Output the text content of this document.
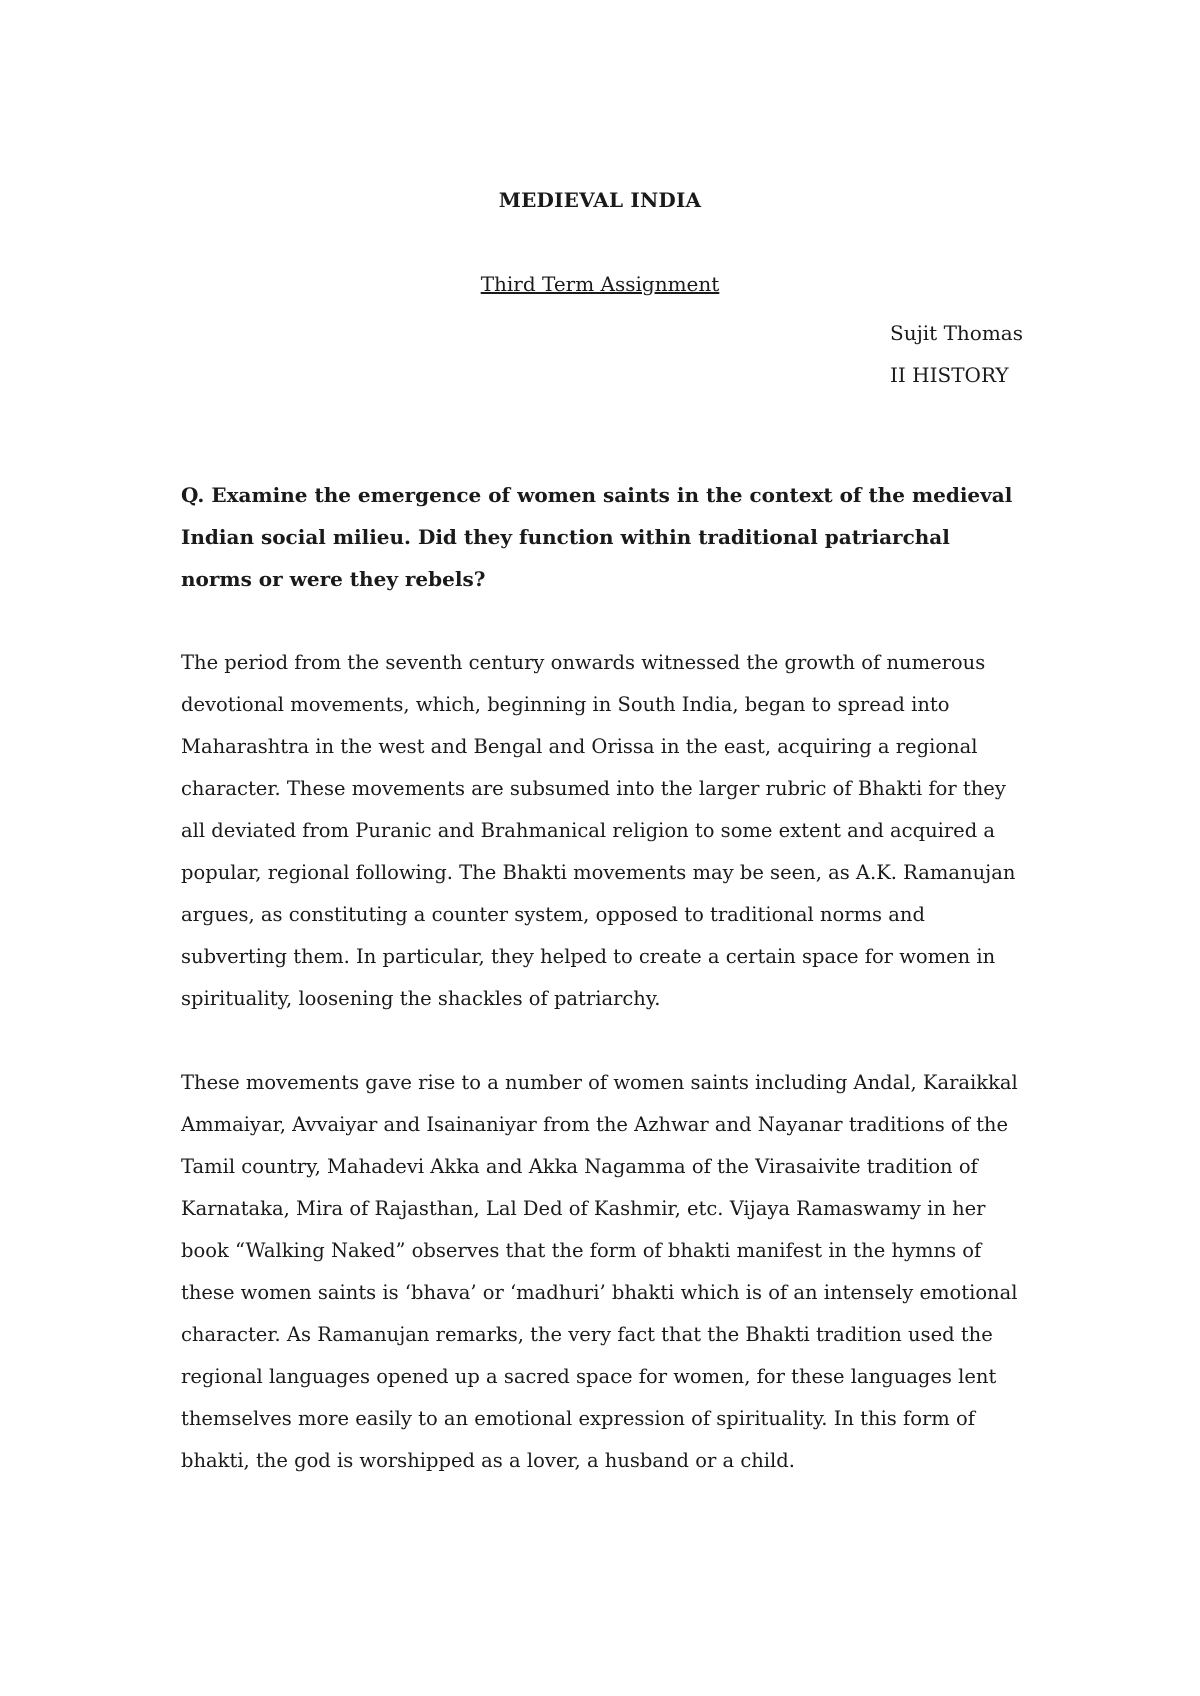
MEDIEVAL INDIA
Third Term Assignment
Sujit Thomas
II HISTORY

Q. Examine the emergence of women saints in the context of the medieval Indian social milieu. Did they function within traditional patriarchal norms or were they rebels?

The period from the seventh century onwards witnessed the growth of numerous devotional movements, which, beginning in South India, began to spread into Maharashtra in the west and Bengal and Orissa in the east, acquiring a regional character. These movements are subsumed into the larger rubric of Bhakti for they all deviated from Puranic and Brahmanical religion to some extent and acquired a popular, regional following. The Bhakti movements may be seen, as A.K. Ramanujan argues, as constituting a counter system, opposed to traditional norms and subverting them. In particular, they helped to create a certain space for women in spirituality, loosening the shackles of patriarchy.

These movements gave rise to a number of women saints including Andal, Karaikkal Ammaiyar, Avvaiyar and Isainaniyar from the Azhwar and Nayanar traditions of the Tamil country, Mahadevi Akka and Akka Nagamma of the Virasaivite tradition of Karnataka, Mira of Rajasthan, Lal Ded of Kashmir, etc. Vijaya Ramaswamy in her book “Walking Naked” observes that the form of bhakti manifest in the hymns of these women saints is ‘bhava’ or ‘madhuri’ bhakti which is of an intensely emotional character. As Ramanujan remarks, the very fact that the Bhakti tradition used the regional languages opened up a sacred space for women, for these languages lent themselves more easily to an emotional expression of spirituality. In this form of bhakti, the god is worshipped as a lover, a husband or a child.
